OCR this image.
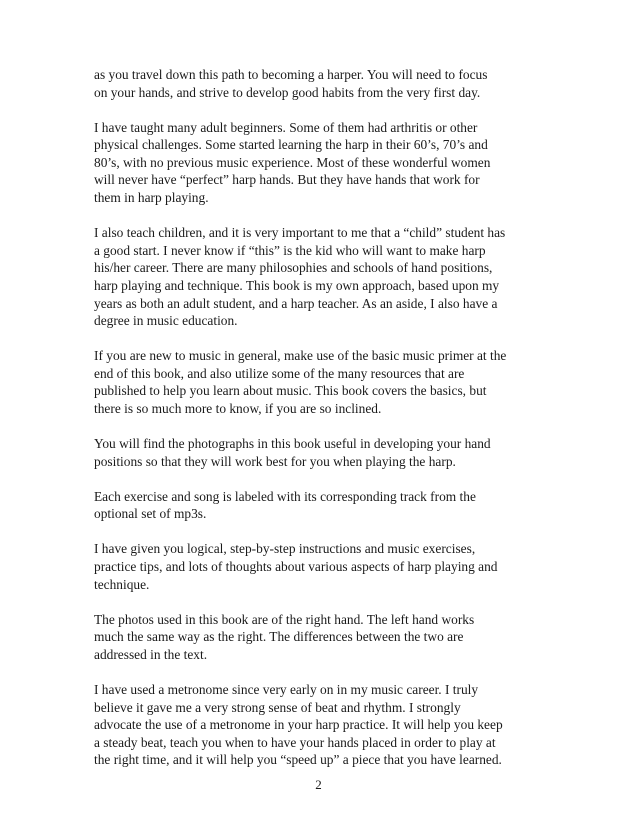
as you travel down this path to becoming a harper. You will need to focus
on your hands, and strive to develop good habits from the very first day.

I have taught many adult beginners. Some of them had arthritis or other
physical challenges. Some started learning the harp in their 60’s, 70’s and
80’s, with no previous music experience. Most of these wonderful women
will never have “perfect” harp hands. But they have hands that work for
them in harp playing.

I also teach children, and it is very important to me that a “child” student has
a good start. I never know if “this” is the kid who will want to make harp
his/her career. There are many philosophies and schools of hand positions,
harp playing and technique. This book is my own approach, based upon my
years as both an adult student, and a harp teacher. As an aside, I also have a
degree in music education.

If you are new to music in general, make use of the basic music primer at the
end of this book, and also utilize some of the many resources that are
published to help you learn about music. This book covers the basics, but
there is so much more to know, if you are so inclined.

You will find the photographs in this book useful in developing your hand
positions so that they will work best for you when playing the harp.

Each exercise and song is labeled with its corresponding track from the
optional set of mp3s.

I have given you logical, step-by-step instructions and music exercises,
practice tips, and lots of thoughts about various aspects of harp playing and
technique.

The photos used in this book are of the right hand. The left hand works
much the same way as the right. The differences between the two are
addressed in the text.

I have used a metronome since very early on in my music career. I truly
believe it gave me a very strong sense of beat and rhythm. I strongly
advocate the use of a metronome in your harp practice. It will help you keep
a steady beat, teach you when to have your hands placed in order to play at
the right time, and it will help you “speed up” a piece that you have learned.

2
